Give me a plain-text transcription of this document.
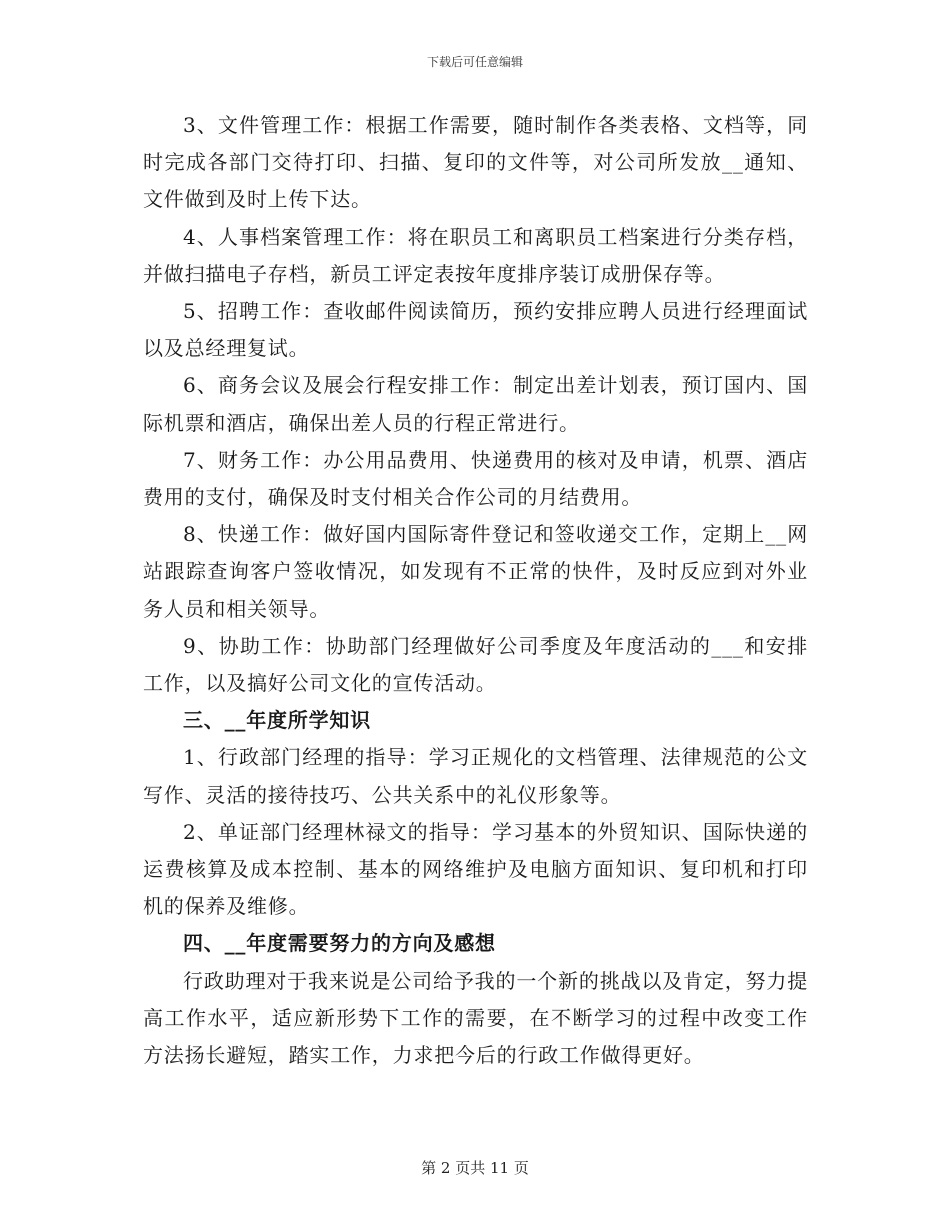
下载后可任意编辑

3、文件管理工作：根据工作需要，随时制作各类表格、文档等，同时完成各部门交待打印、扫描、复印的文件等，对公司所发放__通知、文件做到及时上传下达。

4、人事档案管理工作：将在职员工和离职员工档案进行分类存档，并做扫描电子存档，新员工评定表按年度排序装订成册保存等。

5、招聘工作：查收邮件阅读简历，预约安排应聘人员进行经理面试以及总经理复试。

6、商务会议及展会行程安排工作：制定出差计划表，预订国内、国际机票和酒店，确保出差人员的行程正常进行。

7、财务工作：办公用品费用、快递费用的核对及申请，机票、酒店费用的支付，确保及时支付相关合作公司的月结费用。

8、快递工作：做好国内国际寄件登记和签收递交工作，定期上__网站跟踪查询客户签收情况，如发现有不正常的快件，及时反应到对外业务人员和相关领导。

9、协助工作：协助部门经理做好公司季度及年度活动的___和安排工作，以及搞好公司文化的宣传活动。

三、__年度所学知识

1、行政部门经理的指导：学习正规化的文档管理、法律规范的公文写作、灵活的接待技巧、公共关系中的礼仪形象等。

2、单证部门经理林禄文的指导：学习基本的外贸知识、国际快递的运费核算及成本控制、基本的网络维护及电脑方面知识、复印机和打印机的保养及维修。

四、__年度需要努力的方向及感想

行政助理对于我来说是公司给予我的一个新的挑战以及肯定，努力提高工作水平，适应新形势下工作的需要，在不断学习的过程中改变工作方法扬长避短，踏实工作，力求把今后的行政工作做得更好。

第 2 页共 11 页
